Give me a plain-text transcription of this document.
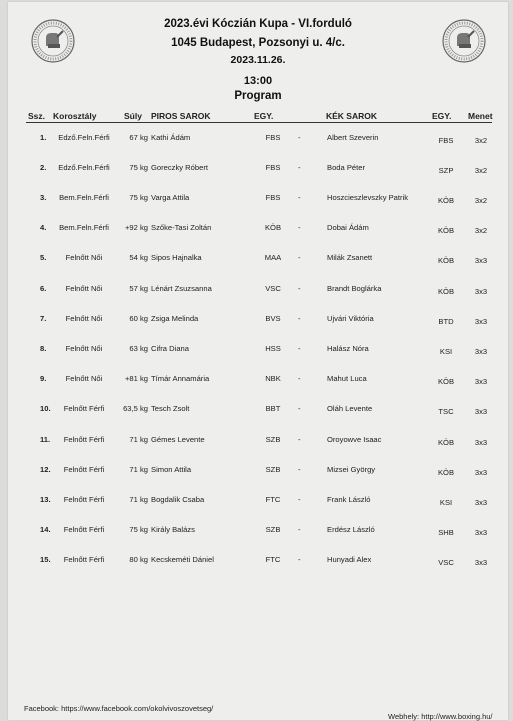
2023.évi Kóczián Kupa - VI.forduló
1045 Budapest, Pozsonyi u. 4/c.
2023.11.26.
13:00
Program
Ssz. Korosztály	Súly PIROS SAROK	EGY.	KÉK SAROK	EGY. Menet
1.	Edző.Feln.Férfi	67 kg Kathi Ádám	FBS	-	Albert Szeverin	FBS	3x2
2.	Edző.Feln.Férfi	75 kg Goreczky Róbert	FBS	-	Boda Péter	SZP	3x2
3.	Bem.Feln.Férfi	75 kg Varga Attila	FBS	-	Hoszcieszlevszky Patrik	KÖB	3x2
4.	Bem.Feln.Férfi	+92 kg Szőke-Tasi Zoltán	KÖB	-	Dobai Ádám	KÖB	3x2
5.	Felnőtt Női	54 kg Sipos Hajnalka	MAA	-	Milák Zsanett	KÖB	3x3
6.	Felnőtt Női	57 kg Lénárt Zsuzsanna	VSC	-	Brandt Boglárka	KÖB	3x3
7.	Felnőtt Női	60 kg Zsiga Melinda	BVS	-	Ujvári Viktória	BTD	3x3
8.	Felnőtt Női	63 kg Cifra Diana	HSS	-	Halász Nóra	KSI	3x3
9.	Felnőtt Női	+81 kg Tímár Annamária	NBK	-	Mahut Luca	KÖB	3x3
10.	Felnőtt Férfi	63,5 kg Tesch Zsolt	BBT	-	Oláh Levente	TSC	3x3
11.	Felnőtt Férfi	71 kg Gémes Levente	SZB	-	Oroyowve Isaac	KÖB	3x3
12.	Felnőtt Férfi	71 kg Simon Attila	SZB	-	Mizsei György	KÖB	3x3
13.	Felnőtt Férfi	71 kg Bogdalik Csaba	FTC	-	Frank László	KSI	3x3
14.	Felnőtt Férfi	75 kg Király Balázs	SZB	-	Erdész László	SHB	3x3
15.	Felnőtt Férfi	80 kg Kecskeméti Dániel	FTC	-	Hunyadi Alex	VSC	3x3
Facebook: https://www.facebook.com/okolvivoszovetseg/
Webhely: http://www.boxing.hu/
